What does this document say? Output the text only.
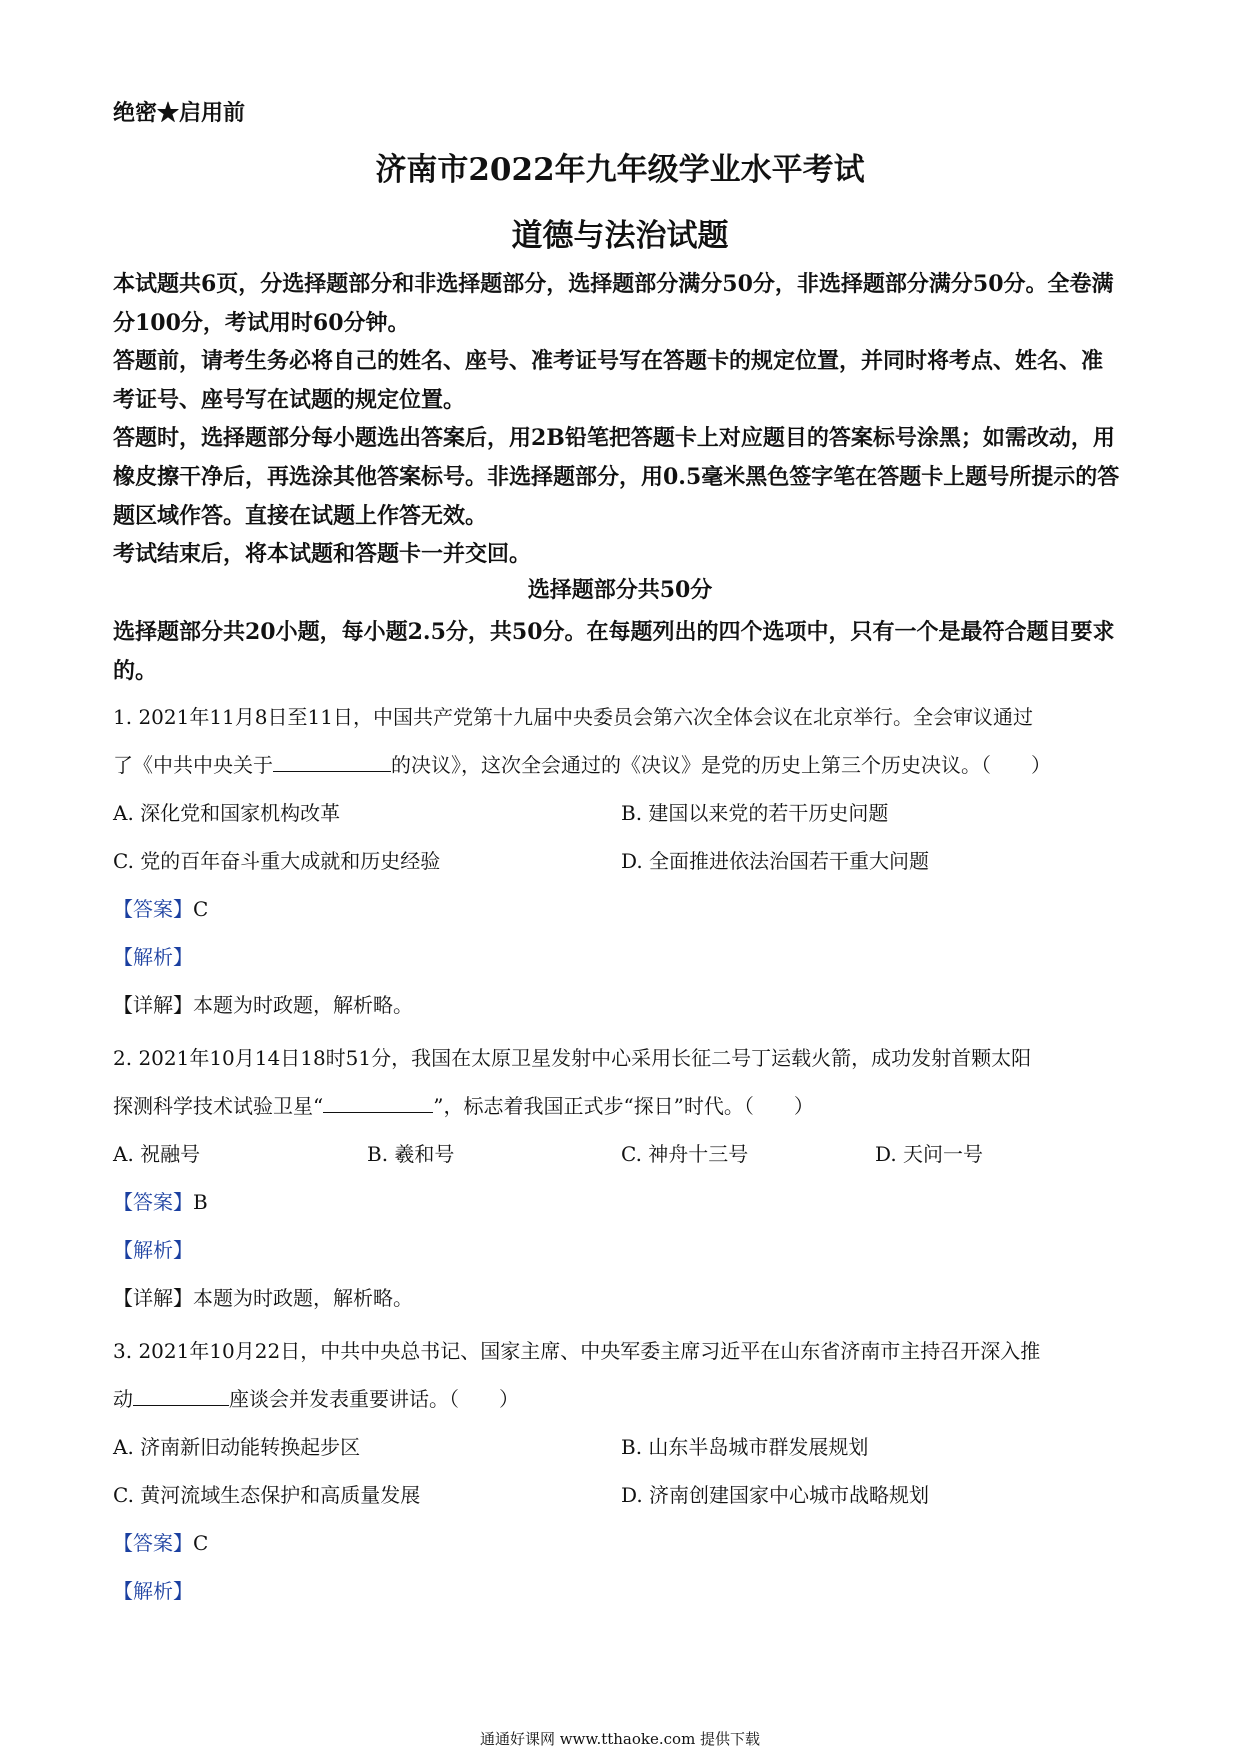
绝密★启用前
济南市2022年九年级学业水平考试
道德与法治试题

本试题共6页，分选择题部分和非选择题部分，选择题部分满分50分，非选择题部分满分50分。全卷满分100分，考试用时60分钟。

答题前，请考生务必将自己的姓名、座号、准考证号写在答题卡的规定位置，并同时将考点、姓名、准考证号、座号写在试题的规定位置。

答题时，选择题部分每小题选出答案后，用2B铅笔把答题卡上对应题目的答案标号涂黑；如需改动，用橡皮擦干净后，再选涂其他答案标号。非选择题部分，用0.5毫米黑色签字笔在答题卡上题号所提示的答题区域作答。直接在试题上作答无效。

考试结束后，将本试题和答题卡一并交回。

选择题部分共50分
选择题部分共20小题，每小题2.5分，共50分。在每题列出的四个选项中，只有一个是最符合题目要求的。

1. 2021年11月8日至11日，中国共产党第十九届中央委员会第六次全体会议在北京举行。全会审议通过

了《中共中央关于	的决议》，这次全会通过的《决议》是党的历史上第三个历史决议。（　　）

A. 深化党和国家机构改革	B. 建国以来党的若干历史问题
C. 党的百年奋斗重大成就和历史经验	D. 全面推进依法治国若干重大问题

【答案】C

【解析】

【详解】本题为时政题，解析略。

2. 2021年10月14日18时51分，我国在太原卫星发射中心采用长征二号丁运载火箭，成功发射首颗太阳

探测科学技术试验卫星“	”，标志着我国正式步“探日”时代。（　　）

A. 祝融号	B. 羲和号	C. 神舟十三号	D. 天问一号

【答案】B

【解析】

【详解】本题为时政题，解析略。

3. 2021年10月22日，中共中央总书记、国家主席、中央军委主席习近平在山东省济南市主持召开深入推

动	座谈会并发表重要讲话。（　　）

A. 济南新旧动能转换起步区	B. 山东半岛城市群发展规划
C. 黄河流域生态保护和高质量发展	D. 济南创建国家中心城市战略规划

【答案】C

【解析】

通通好课网 www.tthaoke.com 提供下载
